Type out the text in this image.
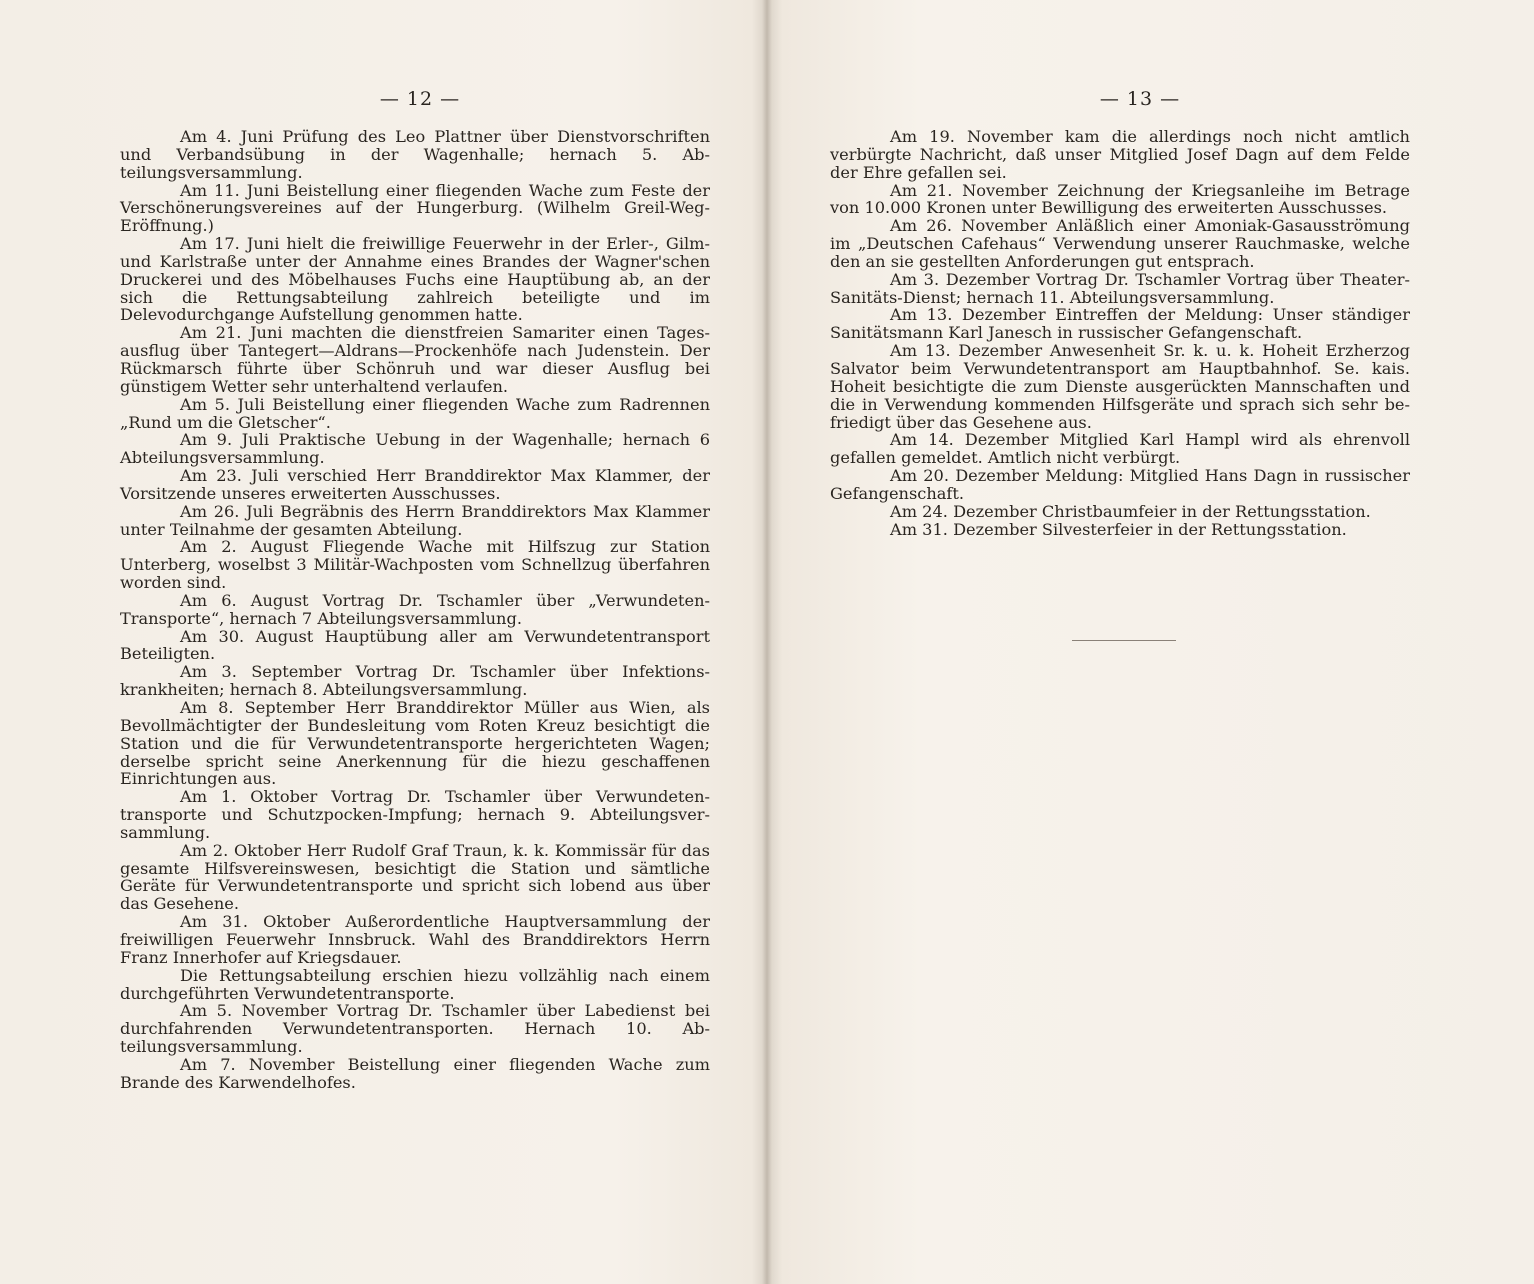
— 12 —

Am 4. Juni Prüfung des Leo Plattner über Dienstvorschriften und Verbandsübung in der Wagenhalle; hernach 5. Abteilungsversammlung.

Am 11. Juni Beistellung einer fliegenden Wache zum Feste der Verschönerungsvereines auf der Hungerburg. (Wilhelm Greil-Weg-Eröffnung.)

Am 17. Juni hielt die freiwillige Feuerwehr in der Erler-, Gilm- und Karlstraße unter der Annahme eines Brandes der Wagner'schen Druckerei und des Möbelhauses Fuchs eine Hauptübung ab, an der sich die Rettungsabteilung zahlreich beteiligte und im Delevodurchgange Aufstellung genommen hatte.

Am 21. Juni machten die dienstfreien Samariter einen Tagesausflug über Tantegert—Aldrans—Prockenhöfe nach Judenstein. Der Rückmarsch führte über Schönruh und war dieser Ausflug bei günstigem Wetter sehr unterhaltend verlaufen.

Am 5. Juli Beistellung einer fliegenden Wache zum Radrennen „Rund um die Gletscher“.

Am 9. Juli Praktische Uebung in der Wagenhalle; hernach 6 Abteilungsversammlung.

Am 23. Juli verschied Herr Branddirektor Max Klammer, der Vorsitzende unseres erweiterten Ausschusses.

Am 26. Juli Begräbnis des Herrn Branddirektors Max Klammer unter Teilnahme der gesamten Abteilung.

Am 2. August Fliegende Wache mit Hilfszug zur Station Unterberg, woselbst 3 Militär-Wachposten vom Schnellzug überfahren worden sind.

Am 6. August Vortrag Dr. Tschamler über „Verwundeten-Transporte“, hernach 7 Abteilungsversammlung.

Am 30. August Hauptübung aller am Verwundetentransport Beteiligten.

Am 3. September Vortrag Dr. Tschamler über Infektionskrankheiten; hernach 8. Abteilungsversammlung.

Am 8. September Herr Branddirektor Müller aus Wien, als Bevollmächtigter der Bundesleitung vom Roten Kreuz besichtigt die Station und die für Verwundetentransporte hergerichteten Wagen; derselbe spricht seine Anerkennung für die hiezu geschaffenen Einrichtungen aus.

Am 1. Oktober Vortrag Dr. Tschamler über Verwundetentransporte und Schutzpocken-Impfung; hernach 9. Abteilungsversammlung.

Am 2. Oktober Herr Rudolf Graf Traun, k. k. Kommissär für das gesamte Hilfsvereinswesen, besichtigt die Station und sämtliche Geräte für Verwundetentransporte und spricht sich lobend aus über das Gesehene.

Am 31. Oktober Außerordentliche Hauptversammlung der freiwilligen Feuerwehr Innsbruck. Wahl des Branddirektors Herrn Franz Innerhofer auf Kriegsdauer.

Die Rettungsabteilung erschien hiezu vollzählig nach einem durchgeführten Verwundetentransporte.

Am 5. November Vortrag Dr. Tschamler über Labedienst bei durchfahrenden Verwundetentransporten. Hernach 10. Abteilungsversammlung.

Am 7. November Beistellung einer fliegenden Wache zum Brande des Karwendelhofes.

— 13 —

Am 19. November kam die allerdings noch nicht amtlich verbürgte Nachricht, daß unser Mitglied Josef Dagn auf dem Felde der Ehre gefallen sei.

Am 21. November Zeichnung der Kriegsanleihe im Betrage von 10.000 Kronen unter Bewilligung des erweiterten Ausschusses.

Am 26. November Anläßlich einer Amoniak-Gasausströmung im „Deutschen Cafehaus“ Verwendung unserer Rauchmaske, welche den an sie gestellten Anforderungen gut entsprach.

Am 3. Dezember Vortrag Dr. Tschamler Vortrag über Theater-Sanitäts-Dienst; hernach 11. Abteilungsversammlung.

Am 13. Dezember Eintreffen der Meldung: Unser ständiger Sanitätsmann Karl Janesch in russischer Gefangenschaft.

Am 13. Dezember Anwesenheit Sr. k. u. k. Hoheit Erzherzog Salvator beim Verwundetentransport am Hauptbahnhof. Se. kais. Hoheit besichtigte die zum Dienste ausgerückten Mannschaften und die in Verwendung kommenden Hilfsgeräte und sprach sich sehr befriedigt über das Gesehene aus.

Am 14. Dezember Mitglied Karl Hampl wird als ehrenvoll gefallen gemeldet. Amtlich nicht verbürgt.

Am 20. Dezember Meldung: Mitglied Hans Dagn in russischer Gefangenschaft.

Am 24. Dezember Christbaumfeier in der Rettungsstation.

Am 31. Dezember Silvesterfeier in der Rettungsstation.
